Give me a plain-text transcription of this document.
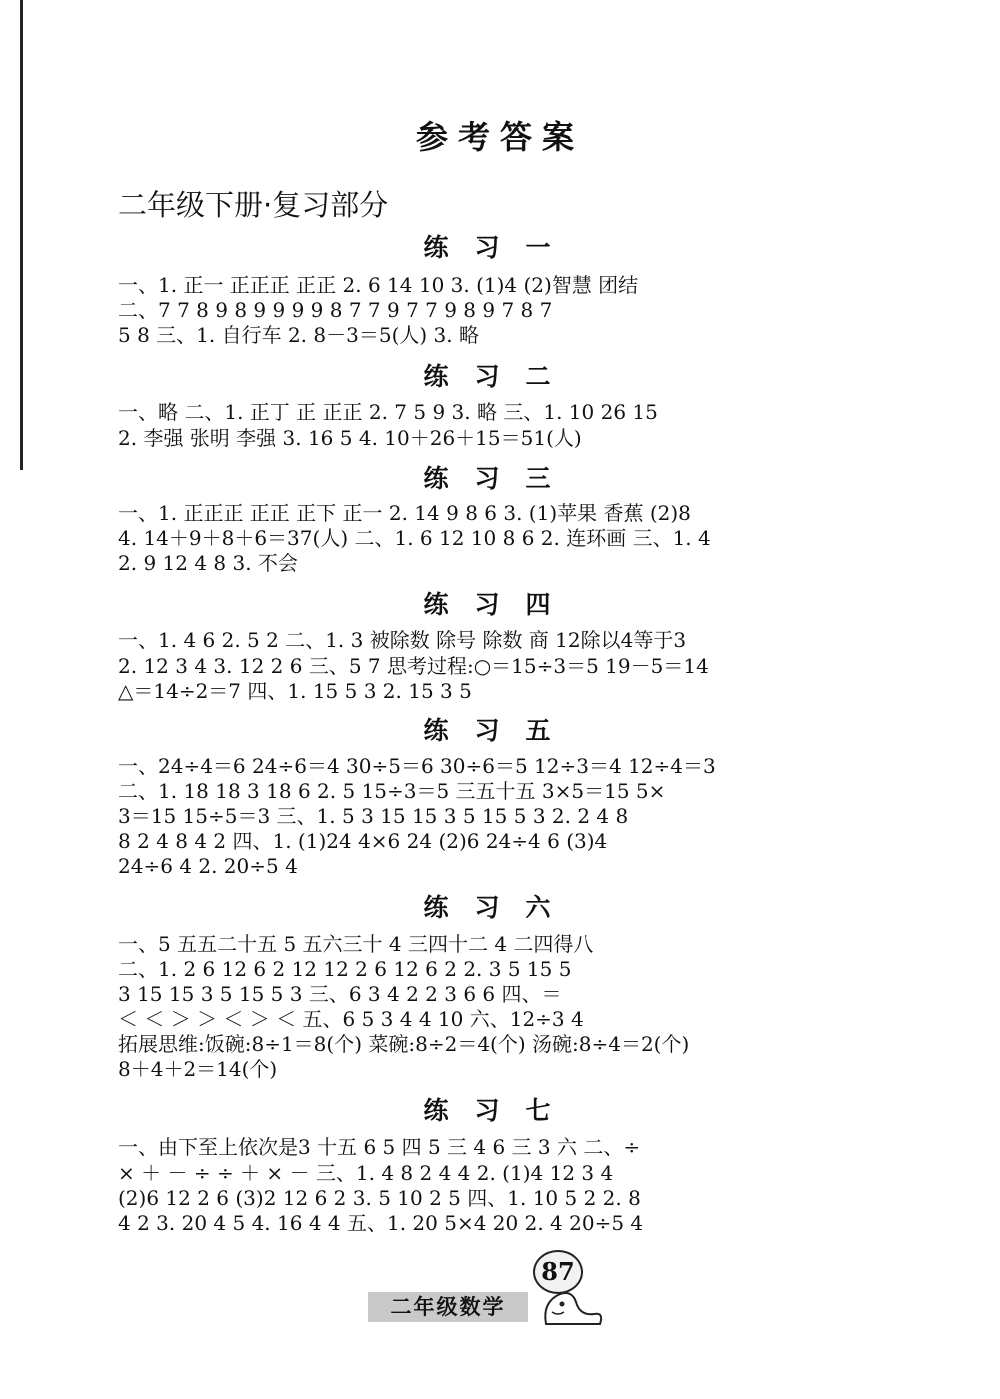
参考答案
二年级下册·复习部分
练习一
一、1. 正一 正正正 正正 2. 6 14 10 3. (1)4 (2)智慧 团结
二、7 7 8 9 8 9 9 9 9 8 7 7 9 7 7 9 8 9 7 8 7
5 8 三、1. 自行车 2. 8－3＝5(人) 3. 略
练习二
一、略 二、1. 正丁 正 正正 2. 7 5 9 3. 略 三、1. 10 26 15
2. 李强 张明 李强 3. 16 5 4. 10＋26＋15＝51(人)
练习三
一、1. 正正正 正正 正下 正一 2. 14 9 8 6 3. (1)苹果 香蕉 (2)8
4. 14＋9＋8＋6＝37(人) 二、1. 6 12 10 8 6 2. 连环画 三、1. 4
2. 9 12 4 8 3. 不会
练习四
一、1. 4 6 2. 5 2 二、1. 3 被除数 除号 除数 商 12除以4等于3
2. 12 3 4 3. 12 2 6 三、5 7 思考过程:○＝15÷3＝5 19－5＝14
△＝14÷2＝7 四、1. 15 5 3 2. 15 3 5
练习五
一、24÷4＝6 24÷6＝4 30÷5＝6 30÷6＝5 12÷3＝4 12÷4＝3
二、1. 18 18 3 18 6 2. 5 15÷3＝5 三五十五 3×5＝15 5×
3＝15 15÷5＝3 三、1. 5 3 15 15 3 5 15 5 3 2. 2 4 8
8 2 4 8 4 2 四、1. (1)24 4×6 24 (2)6 24÷4 6 (3)4
24÷6 4 2. 20÷5 4
练习六
一、5 五五二十五 5 五六三十 4 三四十二 4 二四得八
二、1. 2 6 12 6 2 12 12 2 6 12 6 2 2. 3 5 15 5
3 15 15 3 5 15 5 3 三、6 3 4 2 2 3 6 6 四、＝
＜ ＜ ＞ ＞ ＜ ＞ ＜ 五、6 5 3 4 4 10 六、12÷3 4
拓展思维:饭碗:8÷1＝8(个) 菜碗:8÷2＝4(个) 汤碗:8÷4＝2(个)
8＋4＋2＝14(个)
练习七
一、由下至上依次是3 十五 6 5 四 5 三 4 6 三 3 六 二、÷
× ＋ － ÷ ÷ ＋ × － 三、1. 4 8 2 4 4 2. (1)4 12 3 4
(2)6 12 2 6 (3)2 12 6 2 3. 5 10 2 5 四、1. 10 5 2 2. 8
4 2 3. 20 4 5 4. 16 4 4 五、1. 20 5×4 20 2. 4 20÷5 4
87
二年级数学
